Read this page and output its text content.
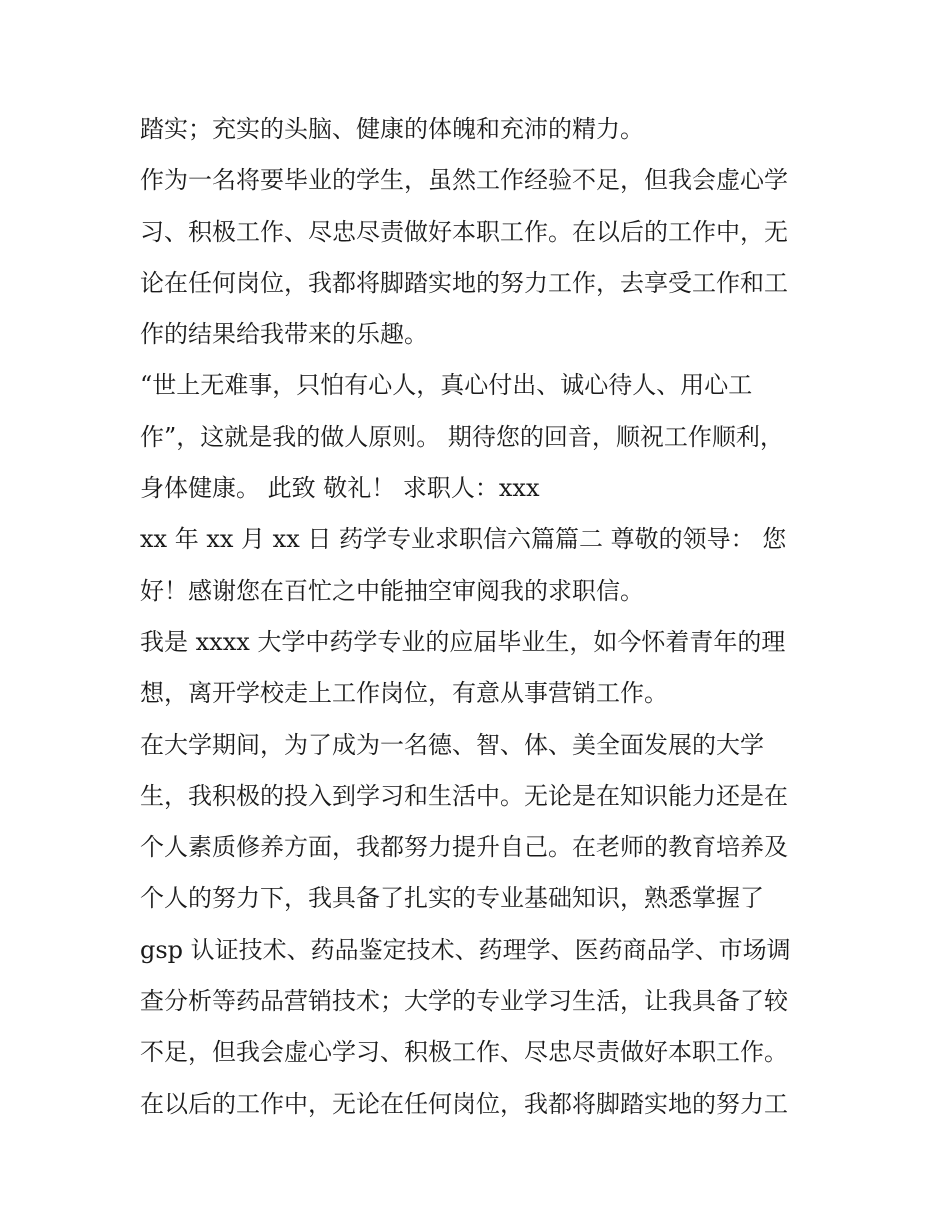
踏实；充实的头脑、健康的体魄和充沛的精力。
作为一名将要毕业的学生，虽然工作经验不足，但我会虚心学
习、积极工作、尽忠尽责做好本职工作。在以后的工作中，无
论在任何岗位，我都将脚踏实地的努力工作，去享受工作和工
作的结果给我带来的乐趣。
“世上无难事，只怕有心人，真心付出、诚心待人、用心工
作”，这就是我的做人原则。 期待您的回音，顺祝工作顺利，
身体健康。 此致 敬礼！ 求职人：xxx
xx 年 xx 月 xx 日 药学专业求职信六篇篇二 尊敬的领导： 您
好！感谢您在百忙之中能抽空审阅我的求职信。
我是 xxxx 大学中药学专业的应届毕业生，如今怀着青年的理
想，离开学校走上工作岗位，有意从事营销工作。
在大学期间，为了成为一名德、智、体、美全面发展的大学
生，我积极的投入到学习和生活中。无论是在知识能力还是在
个人素质修养方面，我都努力提升自己。在老师的教育培养及
个人的努力下，我具备了扎实的专业基础知识，熟悉掌握了
gsp 认证技术、药品鉴定技术、药理学、医药商品学、市场调
查分析等药品营销技术；大学的专业学习生活，让我具备了较
不足，但我会虚心学习、积极工作、尽忠尽责做好本职工作。
在以后的工作中，无论在任何岗位，我都将脚踏实地的努力工
